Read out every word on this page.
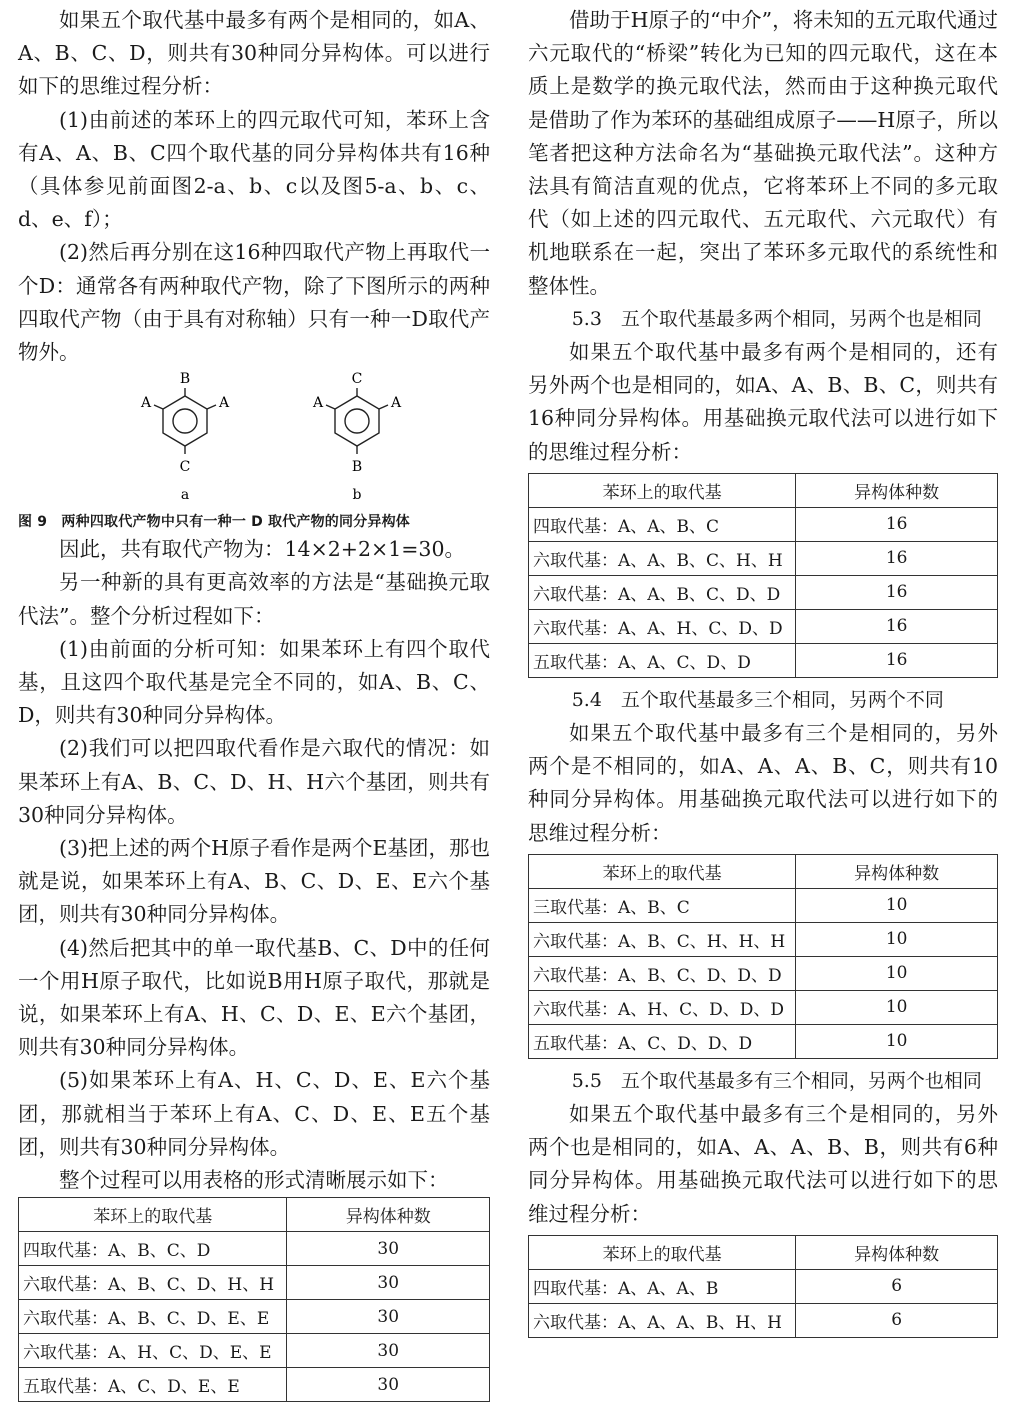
如果五个取代基中最多有两个是相同的，如A、A、B、C、D，则共有30种同分异构体。可以进行如下的思维过程分析：

(1)由前述的苯环上的四元取代可知，苯环上含有A、A、B、C四个取代基的同分异构体共有16种（具体参见前面图2-a、b、c以及图5-a、b、c、d、e、f）；

(2)然后再分别在这16种四取代产物上再取代一个D：通常各有两种取代产物，除了下图所示的两种四取代产物（由于具有对称轴）只有一种一D取代产物外。

B
A	A
C
a
C
A	A
B
b

图 9　两种四取代产物中只有一种一 D 取代产物的同分异构体

因此，共有取代产物为：14×2+2×1=30。

另一种新的具有更高效率的方法是“基础换元取代法”。整个分析过程如下：

(1)由前面的分析可知：如果苯环上有四个取代基，且这四个取代基是完全不同的，如A、B、C、D，则共有30种同分异构体。

(2)我们可以把四取代看作是六取代的情况：如果苯环上有A、B、C、D、H、H六个基团，则共有30种同分异构体。

(3)把上述的两个H原子看作是两个E基团，那也就是说，如果苯环上有A、B、C、D、E、E六个基团，则共有30种同分异构体。

(4)然后把其中的单一取代基B、C、D中的任何一个用H原子取代，比如说B用H原子取代，那就是说，如果苯环上有A、H、C、D、E、E六个基团，则共有30种同分异构体。

(5)如果苯环上有A、H、C、D、E、E六个基团，那就相当于苯环上有A、C、D、E、E五个基团，则共有30种同分异构体。

整个过程可以用表格的形式清晰展示如下：

苯环上的取代基	异构体种数
四取代基：A、B、C、D	30
六取代基：A、B、C、D、H、H	30
六取代基：A、B、C、D、E、E	30
六取代基：A、H、C、D、E、E	30
五取代基：A、C、D、E、E	30

借助于H原子的“中介”，将未知的五元取代通过六元取代的“桥梁”转化为已知的四元取代，这在本质上是数学的换元取代法，然而由于这种换元取代是借助了作为苯环的基础组成原子——H原子，所以笔者把这种方法命名为“基础换元取代法”。这种方法具有简洁直观的优点，它将苯环上不同的多元取代（如上述的四元取代、五元取代、六元取代）有机地联系在一起，突出了苯环多元取代的系统性和整体性。

5.3　五个取代基最多两个相同，另两个也是相同

如果五个取代基中最多有两个是相同的，还有另外两个也是相同的，如A、A、B、B、C，则共有16种同分异构体。用基础换元取代法可以进行如下的思维过程分析：

苯环上的取代基	异构体种数
四取代基：A、A、B、C	16
六取代基：A、A、B、C、H、H	16
六取代基：A、A、B、C、D、D	16
六取代基：A、A、H、C、D、D	16
五取代基：A、A、C、D、D	16

5.4　五个取代基最多三个相同，另两个不同

如果五个取代基中最多有三个是相同的，另外两个是不相同的，如A、A、A、B、C，则共有10种同分异构体。用基础换元取代法可以进行如下的思维过程分析：

苯环上的取代基	异构体种数
三取代基：A、B、C	10
六取代基：A、B、C、H、H、H	10
六取代基：A、B、C、D、D、D	10
六取代基：A、H、C、D、D、D	10
五取代基：A、C、D、D、D	10

5.5　五个取代基最多有三个相同，另两个也相同

如果五个取代基中最多有三个是相同的，另外两个也是相同的，如A、A、A、B、B，则共有6种同分异构体。用基础换元取代法可以进行如下的思维过程分析：

苯环上的取代基	异构体种数
四取代基：A、A、A、B	6
六取代基：A、A、A、B、H、H	6
